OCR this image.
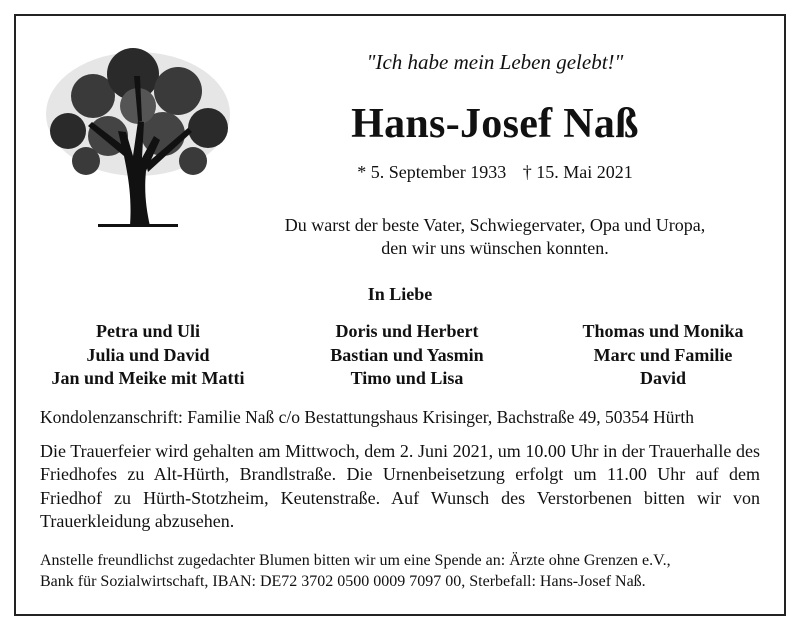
"Ich habe mein Leben gelebt!"
Hans-Josef Naß
* 5. September 1933 † 15. Mai 2021
Du warst der beste Vater, Schwiegervater, Opa und Uropa,
den wir uns wünschen konnten.
In Liebe
Petra und Uli
Julia und David
Jan und Meike mit Matti
Doris und Herbert
Bastian und Yasmin
Timo und Lisa
Thomas und Monika
Marc und Familie
David
Kondolenzanschrift: Familie Naß c/o Bestattungshaus Krisinger, Bachstraße 49, 50354 Hürth
Die Trauerfeier wird gehalten am Mittwoch, dem 2. Juni 2021, um 10.00 Uhr in der Trauerhalle des Friedhofes zu Alt-Hürth, Brandlstraße. Die Urnenbeisetzung erfolgt um 11.00 Uhr auf dem Friedhof zu Hürth-Stotzheim, Keutenstraße. Auf Wunsch des Verstorbenen bitten wir von Trauerkleidung abzusehen.
Anstelle freundlichst zugedachter Blumen bitten wir um eine Spende an: Ärzte ohne Grenzen e.V.,
Bank für Sozialwirtschaft, IBAN: DE72 3702 0500 0009 7097 00, Sterbefall: Hans-Josef Naß.
